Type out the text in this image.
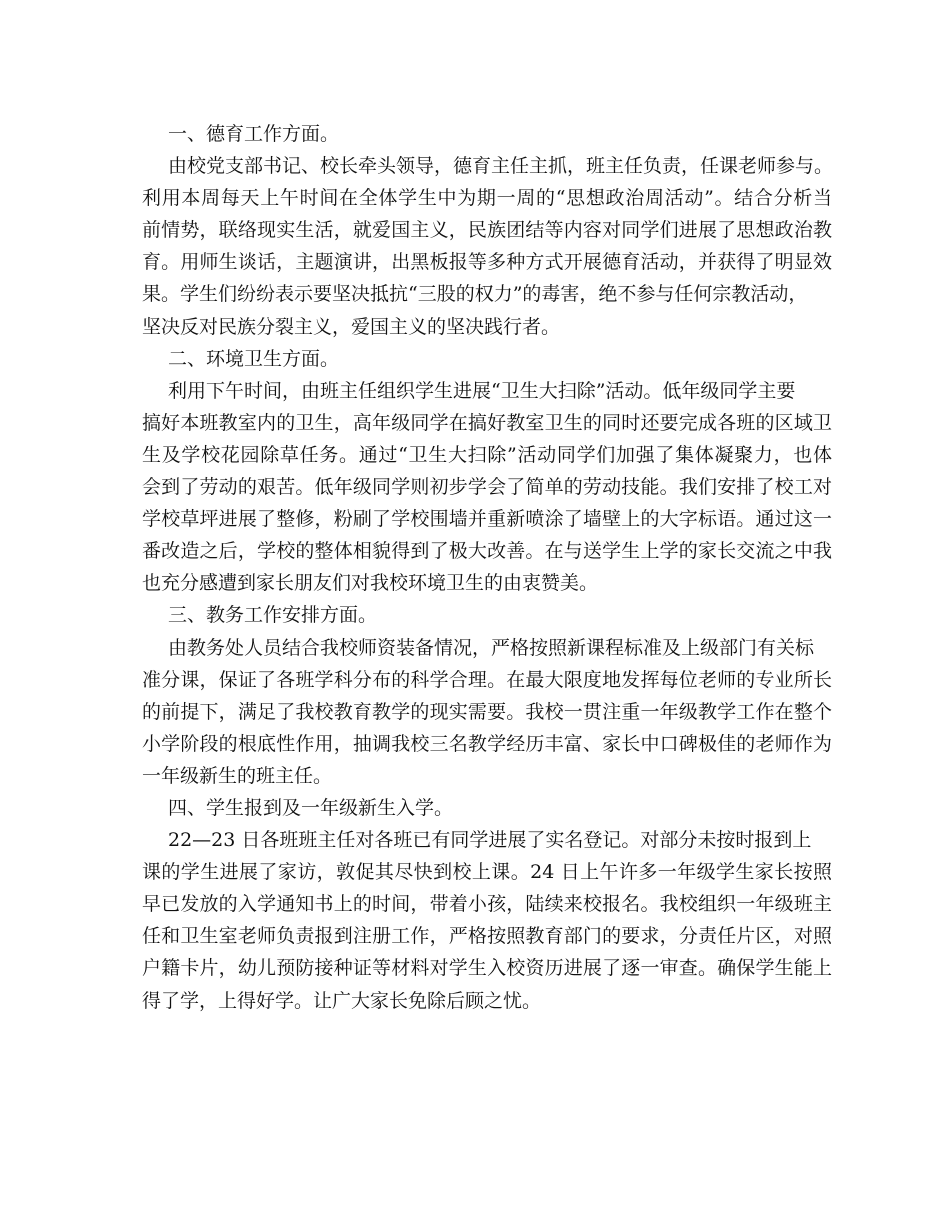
一、德育工作方面。
由校党支部书记、校长牵头领导，德育主任主抓，班主任负责，任课老师参与。
利用本周每天上午时间在全体学生中为期一周的“思想政治周活动”。结合分析当
前情势，联络现实生活，就爱国主义，民族团结等内容对同学们进展了思想政治教
育。用师生谈话，主题演讲，出黑板报等多种方式开展德育活动，并获得了明显效
果。学生们纷纷表示要坚决抵抗“三股的权力”的毒害，绝不参与任何宗教活动，
坚决反对民族分裂主义，爱国主义的坚决践行者。
二、环境卫生方面。
利用下午时间，由班主任组织学生进展“卫生大扫除”活动。低年级同学主要
搞好本班教室内的卫生，高年级同学在搞好教室卫生的同时还要完成各班的区域卫
生及学校花园除草任务。通过“卫生大扫除”活动同学们加强了集体凝聚力，也体
会到了劳动的艰苦。低年级同学则初步学会了简单的劳动技能。我们安排了校工对
学校草坪进展了整修，粉刷了学校围墙并重新喷涂了墙壁上的大字标语。通过这一
番改造之后，学校的整体相貌得到了极大改善。在与送学生上学的家长交流之中我
也充分感遭到家长朋友们对我校环境卫生的由衷赞美。
三、教务工作安排方面。
由教务处人员结合我校师资装备情况，严格按照新课程标准及上级部门有关标
准分课，保证了各班学科分布的科学合理。在最大限度地发挥每位老师的专业所长
的前提下，满足了我校教育教学的现实需要。我校一贯注重一年级教学工作在整个
小学阶段的根底性作用，抽调我校三名教学经历丰富、家长中口碑极佳的老师作为
一年级新生的班主任。
四、学生报到及一年级新生入学。
22—23 日各班班主任对各班已有同学进展了实名登记。对部分未按时报到上
课的学生进展了家访，敦促其尽快到校上课。24 日上午许多一年级学生家长按照
早已发放的入学通知书上的时间，带着小孩，陆续来校报名。我校组织一年级班主
任和卫生室老师负责报到注册工作，严格按照教育部门的要求，分责任片区，对照
户籍卡片，幼儿预防接种证等材料对学生入校资历进展了逐一审查。确保学生能上
得了学，上得好学。让广大家长免除后顾之忧。
